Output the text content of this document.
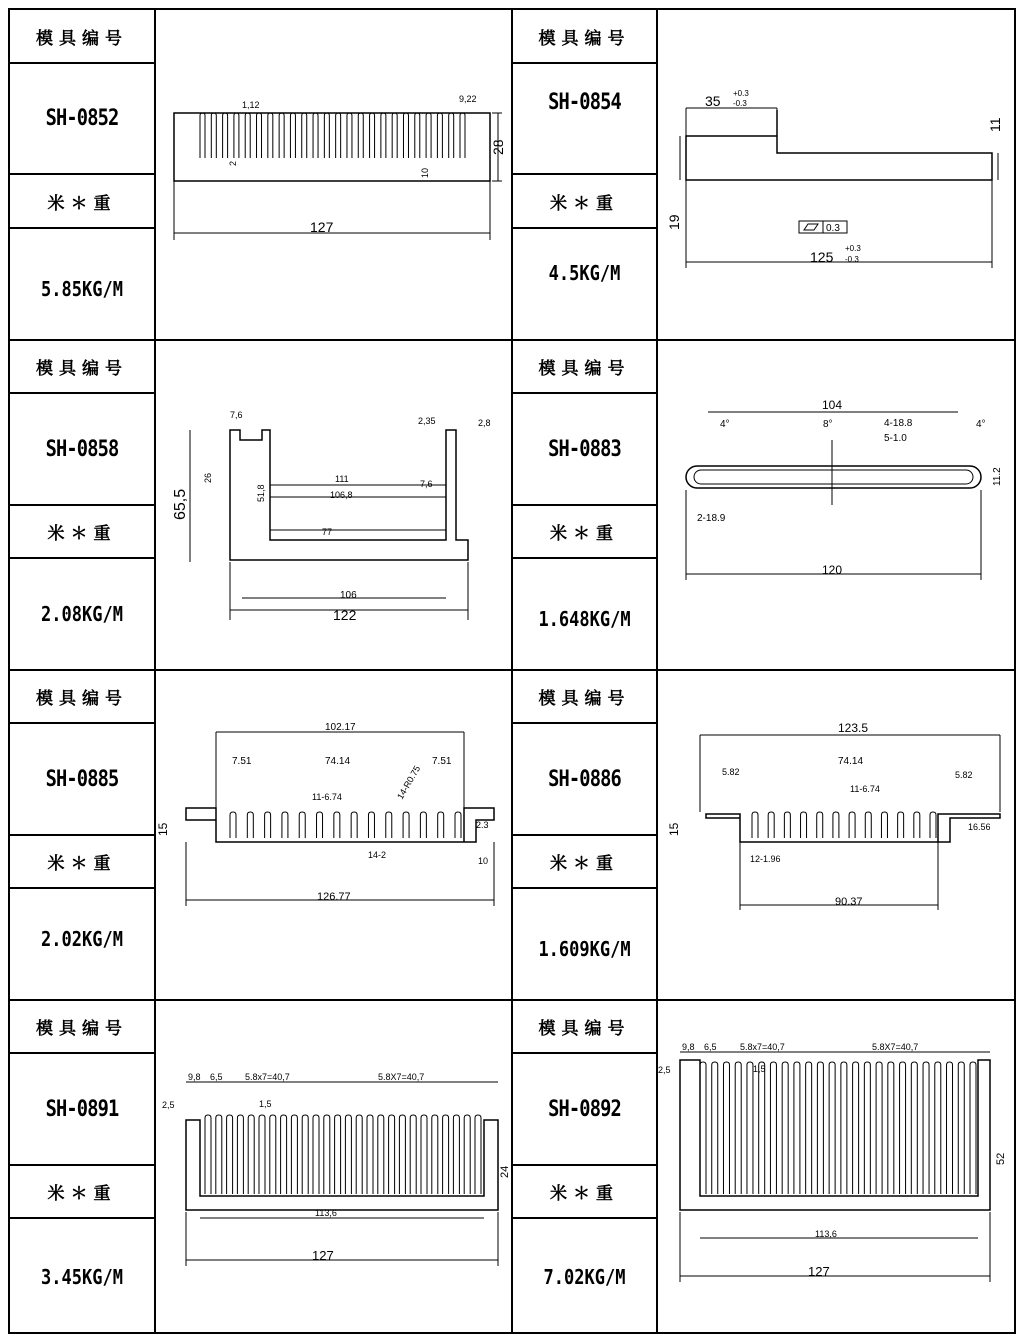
模具编号
SH-0852
米＊重
5.85KG/M
模具编号
SH-0854
米＊重
4.5KG/M
模具编号
SH-0858
米＊重
2.08KG/M
模具编号
SH-0883
米＊重
1.648KG/M
模具编号
SH-0885
米＊重
2.02KG/M
模具编号
SH-0886
米＊重
1.609KG/M
模具编号
SH-0891
米＊重
3.45KG/M
模具编号
SH-0892
米＊重
7.02KG/M
127
28
1,12
9,22
2
10
35 +0.3
-0.3
11
19
125
+0.3
-0.3
0.3
65,5
7,6
111
106,8
77
106
122
26
51,8
2,35	2,8
7,6
104
120
4-18.8
5-1.0
2-18.9
11.2
4°	8°	4°
102.17
74.14
7.51	7.51
11-6.74	14-R0.75
126.77
15
14-2
10
2.3
123.5
74.14
5.82	5.82
11-6.74
90.37
16.56
12-1.96
15
9,8 6,5 5.8x7=40,7	5.8X7=40,7
113,6
127
24
2,5	1,5
9,8 6,5	5.8x7=40,7	5.8X7=40,7
113,6
127
52
2,5	1,5
